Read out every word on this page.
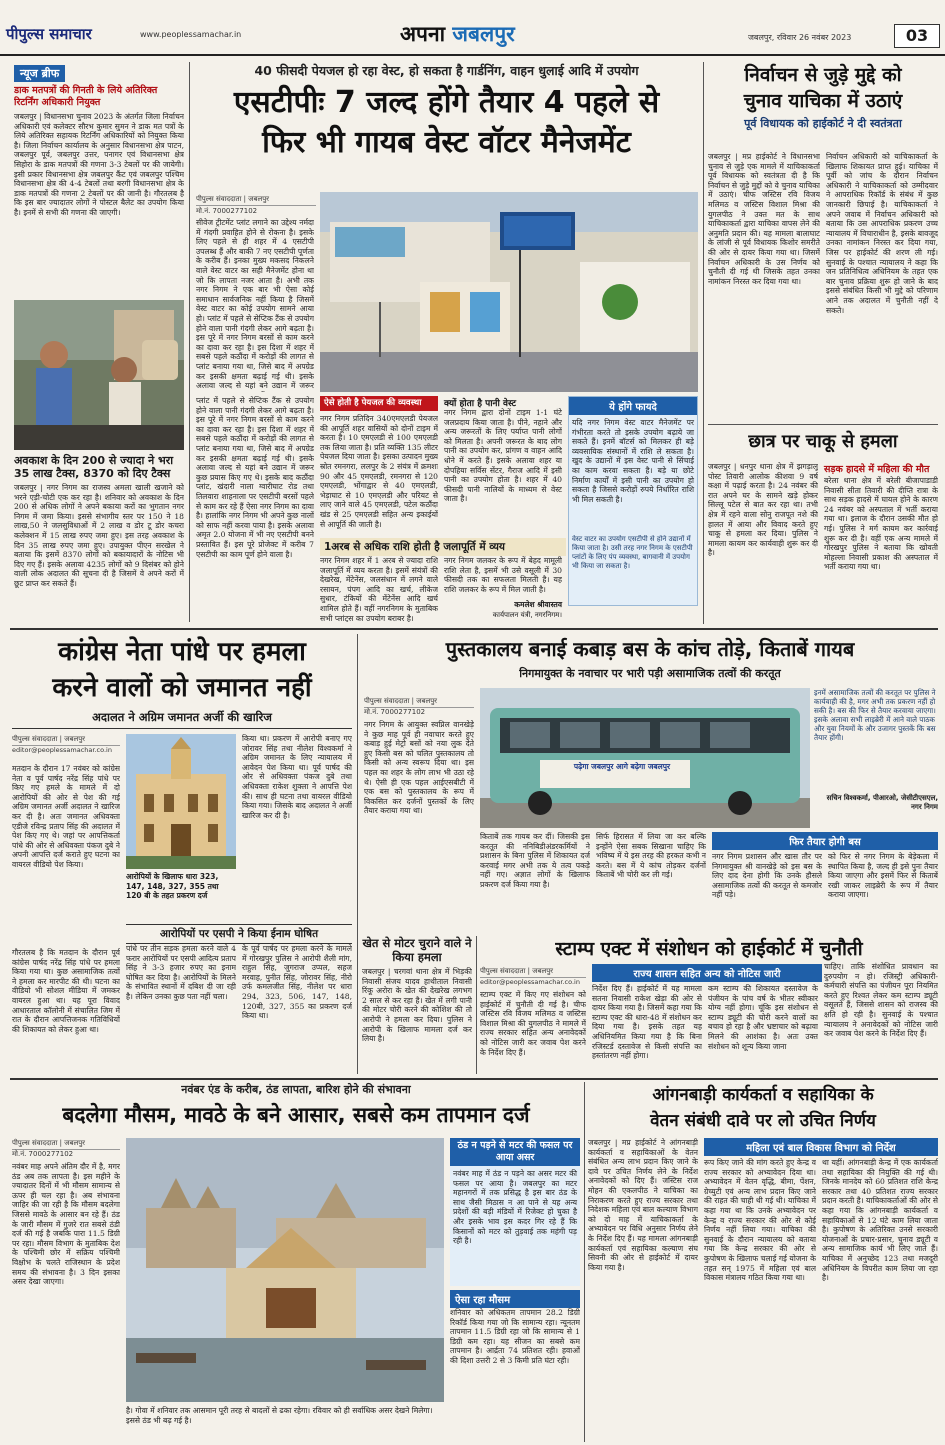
पीपुल्स समाचार	www.peoplessamachar.in	अपना जबलपुर	जबलपुर, रविवार 26 नवंबर 2023	03
न्यूज ब्रीफ
डाक मतपत्रों की गिनती के लिये अतिरिक्त रिटर्निंग अधिकारी नियुक्त
जबलपुर | विधानसभा चुनाव 2023 के अंतर्गत जिला निर्वाचन अधिकारी एवं कलेक्टर सौरभ कुमार सुमन ने डाक मत पत्रों के लिये अतिरिक्त सहायक रिटर्निंग अधिकारियों को नियुक्त किया है। जिला निर्वाचन कार्यालय के अनुसार विधानसभा क्षेत्र पाटन, जबलपुर पूर्व, जबलपुर उत्तर, पनागर एवं विधानसभा क्षेत्र सिहोरा के डाक मतपत्रों की गणना 3-3 टेबलों पर की जायेगी। इसी प्रकार विधानसभा क्षेत्र जबलपुर कैंट एवं जबलपुर पश्चिम विधानसभा क्षेत्र की 4-4 टेबलों तथा बरगी विधानसभा क्षेत्र के डाक मतपत्रों की गणना 2 टेबलों पर की जानी है। गौरतलब है कि इस बार ज्यादातर लोगों ने पोस्टल बैलेट का उपयोग किया है। इनमें से सभी की गणना की जाएगी।
अवकाश के दिन 200 से ज्यादा ने भरा 35 लाख टैक्स, 8370 को दिए टैक्स
जबलपुर | नगर निगम का राजस्व अमला खाली खजाने को भरने एड़ी-चोटी एक कर रहा है। शनिवार को अवकाश के दिन 200 से अधिक लोगों ने अपने बकाया करों का भुगतान नगर निगम में जमा किया। इससे संभागीय स्तर पर 150 ने 18 लाख,50 ने जलसुविधाओं में 2 लाख व डोर टू डोर कचरा कलेक्शन में 15 लाख रुपए जमा हुए। इस तरह अवकाश के दिन 35 लाख रुपए जमा हुए। उपायुक्त पीएन सरखेल ने बताया कि इसमें 8370 लोगों को बकायादारों के नोटिस भी दिए गए हैं। इसके अलावा 4235 लोगों को 9 दिसंबर को होने वाली लोक अदालत की सूचना दी है जिसमें वे अपने करों में छूट प्राप्त कर सकते हैं।
40 फीसदी पेयजल हो रहा वेस्ट, हो सकता है गार्डनिंग, वाहन धुलाई आदि में उपयोग
एसटीपीः 7 जल्द होंगे तैयार 4 पहले से
फिर भी गायब वेस्ट वॉटर मैनेजमेंट
पीपुल्स संवाददाता | जबलपुर
मो.नं. 7000277102
सीवेज ट्रीटमेंट प्लांट लगाने का उद्देश्य नर्मदा में गंदगी प्रवाहित होने से रोकना है। इसके लिए पहले से ही शहर में 4 एसटीपी उपलब्ध हैं और बाकी 7 नए एसटीपी पूर्णता के करीब हैं। इनका मुख्य मकसद निकलने वाले वेस्ट वाटर का सही मैनेजमेंट होना था जो कि लापता नजर आता है। अभी तक नगर निगम ने एक बार भी ऐसा कोई समाधान सार्वजनिक नहीं किया है जिसमें वेस्ट वाटर का कोई उपयोग सामने आया हो। प्लांट में पहले से सेप्टिक टैंक से उपयोग होने वाला पानी गंदगी लेकर आगे बढ़ता है। इस पूरे में नगर निगम बरसों से काम करने का दावा कर रहा है। इस दिशा में शहर में सबसे पहले कठौंदा में करोड़ों की लागत से प्लांट बनाया गया था, जिसे बाद में अपग्रेड कर इसकी क्षमता बढ़ाई गई थी। इसके अलावा जल्द से यहां बने उद्यान में जरूर
प्लांट में पहले से सेप्टिक टैंक से उपयोग होने वाला पानी गंदगी लेकर आगे बढ़ता है। इस पूरे में नगर निगम बरसों से काम करने का दावा कर रहा है। इस दिशा में शहर में सबसे पहले कठौंदा में करोड़ों की लागत से प्लांट बनाया गया था, जिसे बाद में अपग्रेड कर इसकी क्षमता बढ़ाई गई थी। इसके अलावा जल्द से यहां बने उद्यान में जरूर कुछ प्रयास किए गए थे। इसके बाद कठौंदा प्लांट, खंदारी नाला ग्वारीघाट रोड तथा तिलवारा शाहनाला पर एसटीपी बरसों पहले से काम कर रहे हैं ऐसा नगर निगम का दावा है। हालांकि नगर निगम भी अपने कुछ नालों को साफ नहीं करवा पाया है। इसके अलावा अमृत 2.0 योजना में भी नए एसटीपी बनने प्रस्तावित हैं। इस पूरे प्रोजेक्ट में करीब 7 एसटीपी का काम पूर्ण होने वाला है।
ऐसे होती है पेयजल की व्यवस्था
नगर निगम प्रतिदिन 340एमएलडी पेयजल की आपूर्ति शहर वासियों को दोनों टाइम में करता है। 10 एमएलडी से 100 एमएलडी तक लिया जाता है। प्रति व्यक्ति 135 लीटर पेयजल दिया जाता है। इसका उत्पादन मुख्य स्रोत रमनगरा, ललपुर के 2 संयंत्र में क्रमशः 90 और 45 एमएलडी, रमनगरा से 120 एमएलडी, भोंगाद्वार से 40 एमएलडी, भेड़ाघाट से 10 एमएलडी और परियट से लाए जाने वाले 45 एमएलडी, पटेल कठौंदा खंड से 25 एमएलडी सहित अन्य इकाईयों से आपूर्ति की जाती है।
क्यों होता है पानी वेस्ट
नगर निगम द्वारा दोनों टाइम 1-1 घंटे जलप्रदाय किया जाता है। पीने, नहाने और अन्य जरूरतों के लिए पर्याप्त पानी लोगों को मिलता है। अपनी जरूरत के बाद लोग पानी का उपयोग कर, प्रांगण व वाहन आदि धोने में करते हैं। इसके अलावा शहर या दोपहिया सर्विस सेंटर, गैराज आदि में इसी पानी का उपयोग होता है। शहर में 40 फीसदी पानी नालियों के माध्यम से वेस्ट जाता है।
ये होंगे फायदे
यदि नगर निगम वेस्ट वाटर मैनेजमेंट पर गंभीरता करते तो इसके उपयोग बढ़ाये जा सकते हैं। इनमें बॉटर्स को मिलकर ही बड़े व्यवसायिक संस्थानों में राशि ले सकता है। खुद के उद्यानों में इस वेस्ट पानी से सिंचाई का काम करवा सकता है। बड़े या छोटे निर्माण कार्यों में इसी पानी का उपयोग हो सकता है जिससे करोड़ों रुपये निर्धारित राशि भी मिल सकती है।
वेस्ट वाटर का उपयोग एसटीपी से होने उद्यानों में किया जाता है। उसी तरह नगर निगम के एसटीपी प्लांटों के लिए पंप व्यवस्था, बागवानी में उपयोग भी किया जा सकता है।
1अरब से अधिक राशि होती है जलापूर्ति में व्यय
नगर निगम शहर में 1 अरब से ज्यादा राशि जलापूर्ति में व्यय करता है। इसमें संयंत्रों की देखरेख, मेंटेनेंस, जलसंधान में लगने वाले रसायन, पंपग आदि का खर्च, लीकेज सुधार, टंकियों की मेंटेनेंस आदि खर्च शामिल होते हैं। वहीं नगरनिगम के मुताबिक सभी प्लांट्स का उपयोग बराबर है।
नगर निगम जलकर के रूप में बेहद मामूली राशि लेता है, इसमें भी उसे वसूली में 30 फीसदी तक का सफलता मिलती है। यह राशि जलकर के रूप में मिल जाती है।
कमलेश श्रीवास्तव
कार्यपालन यंत्री, नगरनिगम।
निर्वाचन से जुड़े मुद्दे को
चुनाव याचिका में उठाएं
पूर्व विधायक को हाईकोर्ट ने दी स्वतंत्रता
जबलपुर | मप्र हाईकोर्ट ने विधानसभा चुनाव से जुड़े एक मामले में याचिकाकर्ता पूर्व विधायक को स्वतंत्रता दी है कि निर्वाचन से जुड़े मुद्दों को वे चुनाव याचिका में उठाएं। चीफ जस्टिस रवि विजय मलिमठ व जस्टिस विशाल मिश्रा की युगलपीठ ने उक्त मत के साथ याचिकाकर्ता द्वारा याचिका वापस लेने की अनुमति प्रदान की। यह मामला बालाघाट के लांजी से पूर्व विधायक किशोर समरीते की ओर से दायर किया गया था। जिसमें निर्वाचन अधिकारी के उस निर्णय को चुनौती दी गई थी जिसके तहत उनका नामांकन निरस्त कर दिया गया था।
निर्वाचन अधिकारी को याचिकाकर्ता के खिलाफ शिकायत प्राप्त हुई। याचिका में पूर्वी को जांच के दौरान निर्वाचन अधिकारी ने याचिकाकर्ता को उम्मीदवार ने आपराधिक रिकॉर्ड के संबंध में कुछ जानकारी छिपाई है। याचिकाकर्ता ने अपने जवाब में निर्वाचन अधिकारी को बताया कि उस आपराधिक प्रकरण उच्च न्यायालय में विचाराधीन है, इसके बावजूद उनका नामांकन निरस्त कर दिया गया, जिस पर हाईकोर्ट की शरण ली गई। सुनवाई के पश्चात न्यायालय ने कहा कि जन प्रतिनिधित्व अधिनियम के तहत एक बार चुनाव प्रक्रिया शुरू हो जाने के बाद इससे संबंधित किसी भी मुद्दे को परिणाम आने तक अदालत में चुनौती नहीं दे सकते।
छात्र पर चाकू से हमला
जबलपुर | धनपुर थाना क्षेत्र में झगड़ालू पोस्ट तिवारी आलोक कीशवा 9 वर्ष कक्षा में पढ़ाई करता है। 24 नवंबर की रात अपने घर के सामने खड़े होकर सिल्लू पटेल से बात कर रहा था। तभी क्षेत्र में रहने वाला सोनु राजपूत नशे की हालत में आया और विवाद करते हुए चाकू से हमला कर दिया। पुलिस ने मामला कायम कर कार्यवाही शुरू कर दी है।
सड़क हादसे में महिला की मौत
बरेला थाना क्षेत्र में बरेली बीजापाडाडी निवासी सीता तिवारी की दीप्ति रात्रा के साथ सड़क हादसे में घायल होने के कारण 24 नवंबर को अस्पताल में भर्ती कराया गया था। इलाज के दौरान उसकी मौत हो गई। पुलिस ने मर्ग कायम कर कार्रवाई शुरू कर दी है। वहीं एक अन्य मामले में गोरखपुर पुलिस ने बताया कि खोवती मोहल्ला निवासी प्रकाश की अस्पताल में भर्ती कराया गया था।
कांग्रेस नेता पांधे पर हमला
करने वालों को जमानत नहीं
अदालत ने अग्रिम जमानत अर्जी की खारिज
पीपुल्स संवाददाता | जबलपुर
editor@peoplessamachar.co.in
मतदान के दौरान 17 नवंबर को कांग्रेस नेता व पूर्व पार्षद नरेंद्र सिंह पांधे पर किए गए हमले के मामले में दो आरोपियों की ओर से पेश की गई अग्रिम जमानत अर्जी अदालत ने खारिज कर दी है। अतः जमानत अधिवक्ता एडीजे रविन्द्र प्रताप सिंह की अदालत में पेश किए गए थे। जहां पर आपत्तिकर्ता पांधे की ओर से अधिवक्ता पंकज दुबे ने अपनी आपत्ति दर्ज कराते हुए घटना का वायरल वीडियो पेश किया।
आरोपियों के खिलाफ धारा 323, 147, 148, 327, 355 तथा 120 बी के तहत प्रकरण दर्ज
किया था। प्रकरण में आरोपी बनाए गए जोरावर सिंह तथा नीलेश विश्वकर्मा ने अग्रिम जमानत के लिए न्यायालय में आवेदन पेश किया था। पूर्व पार्षद की ओर से अधिवक्ता पंकज दुबे तथा अधिवक्ता राकेश शुक्ला ने आपत्ति पेश की। साथ ही घटना तथा वायरल वीडियो किया गया। जिसके बाद अदालत ने अर्जी खारिज कर दी है।
गौरतलब है कि मतदान के दौरान पूर्व कांग्रेस पार्षद नरेंद्र सिंह पांधे पर हमला किया गया था। कुछ असामाजिक तत्वों ने हमला कर मारपीट की थी। घटना का वीडियो भी सोशल मीडिया में जमकर वायरल हुआ था। यह पूरा विवाद आधारताल कॉलोनी में संचालित जिम में रात के दौरान आपत्तिजनक गतिविधियों की शिकायत को लेकर हुआ था।
आरोपियों पर एसपी ने किया ईनाम घोषित
पांधे पर तीन सड़क हमला करने वाले 4 फरार आरोपियों पर एसपी आदित्य प्रताप सिंह ने 3-3 हजार रुपए का इनाम घोषित कर दिया है। आरोपियों के मिलने के संभावित स्थानों में दबिश दी जा रही है। लेकिन उनका कुछ पता नहीं चला।
के पूर्व पार्षद पर हमला करने के मामले में गोरखपुर पुलिस ने आरोपी शैली मांग, राहुल सिंह, जुगराज उप्पल, सहज मरवाह, पुनीत सिंह, जोरावर सिंह, नीरो उर्फ कमलजीत सिंह, नीलेश पर धारा 294, 323, 506, 147, 148, 120बी, 327, 355 का प्रकरण दर्ज किया था।
पुस्तकालय बनाई कबाड़ बस के कांच तोड़े, किताबें गायब
निगमायुक्त के नवाचार पर भारी पड़ी असामाजिक तत्वों की करतूत
पीपुल्स संवाददाता | जबलपुर
मो.नं. 7000277102
नगर निगम के आयुक्त स्वप्निल वानखेड़े ने कुछ माह पूर्व ही नवाचार करते हुए कबाड़ हुई मेट्रो बसों को नया लुक देते हुए किसी बस को चलित पुस्तकालय तो किसी को अन्य स्वरूप दिया था। इस पहल का शहर के लोग लाभ भी उठा रहे थे। ऐसी ही एक पहल आईएसबीटी में एक बस को पुस्तकालय के रूप में विकसित कर दर्जनों पुस्तकों के लिए तैयार कराया गया था।
पढ़ेगा जबलपुर आगे बढ़ेगा जबलपुर
इनमें असामाजिक तत्वों की करतूत पर पुलिस ने कार्यवाही की है, मगर अभी तक प्रकरण नहीं हो सकी है। बस की फिर से तैयार करवाया जाएगा। इसके अलावा सभी लाइब्रेरी में आने वाले पाठक और युवा नियमों के और उजागर पुस्तकें कि बस तैयार होंगी।
सचिन विश्वकर्मा, पीआरओ, जेसीटीएसएल, नगर निगम
किताबें तक गायब कर दीं। जिसकी इस करतूत की ननिबिडीअंडरकर्मियों ने प्रशासन के बिना पुलिस में शिकायत दर्ज करवाई मगर अभी तक ये तत्व पकड़े नहीं गए। अज्ञात लोगों के खिलाफ प्रकरण दर्ज किया गया है।
सिर्फ हिरासत में लिया जा कर बल्कि इन्होंने ऐसा सबक सिखाना चाहिए कि भविष्य में ये इस तरह की हरकत कभी न करते। बस में ये कांच तोड़कर दर्जनों किताबें भी चोरी कर ली गई।
फिर तैयार होगी बस
नगर निगम प्रशासन और खास तौर पर निगमायुक्त श्री वानखेड़े को इस बस के लिए दाद देना होगी कि उनके हौसले असामाजिक तत्वों की करतूत से कमजोर नहीं पड़े।
को फिर से नगर निगम के बेड़ेकला में स्थापित किया है, जल्द ही इसे पुनः तैयार किया जाएगा और इसमें फिर से किताबें रखी जाकर लाइब्रेरी के रूप में तैयार कराया जाएगा।
खेत से मोटर चुराने वाले ने किया हमला
जबलपुर | चरगवां थाना क्षेत्र में भिड़की निवासी संजय यादव हाथीताल निवासी रिंकू अरोरा के खेत की देखरेख लगभग 2 साल से कर रहा है। खेत में लगी पानी की मोटर चोरी करने की कोशिश की तो आरोपी ने हमला कर दिया। पुलिस ने आरोपी के खिलाफ मामला दर्ज कर लिया है।
स्टाम्प एक्ट में संशोधन को हाईकोर्ट में चुनौती
राज्य शासन सहित अन्य को नोटिस जारी
पीपुल्स संवाददाता | जबलपुर
editor@peoplessamachar.co.in
स्टाम्प एक्ट में किए गए संशोधन को हाईकोर्ट में चुनौती दी गई है। चीफ जस्टिस रवि विजय मलिमठ व जस्टिस विशाल मिश्रा की युगलपीठ ने मामले में राज्य सरकार सहित अन्य अनावेदकों को नोटिस जारी कर जवाब पेश करने के निर्देश दिए हैं।
निर्देश दिए हैं। हाईकोर्ट में यह मामला सतना निवासी राकेश खेड़ा की ओर से दायर किया गया है। जिसमें कहा गया कि स्टाम्प एक्ट की धारा-48 में संशोधन कर दिया गया है। इसके तहत यह अधिनियमित किया गया है कि बिना रजिस्टर्ड दस्तावेज से किसी संपत्ति का हस्तांतरण नहीं होगा।
कम स्टाम्प की शिकायत दस्तावेज के पंजीयन के पांच वर्ष के भीतर स्वीकार योग्य नहीं होगा। चूंकि इस संशोधन से स्टाम्प ड्यूटी की चोरी करने वालों का बचाव हो रहा है और भ्रष्टाचार को बढ़ावा मिलने की आशंका है। अतः उक्त संशोधन को शून्य किया जाना
चाहिए। ताकि संशोधित प्रावधान का दुरुपयोग न हो। रजिस्ट्री अधिकारी-कर्मचारी संपत्ति का पंजीयन पूरा नियमित करते हुए रिश्वत लेकर कम स्टाम्प ड्यूटी वसूलते हैं, जिससे शासन को राजस्व की क्षति हो रही है। सुनवाई के पश्चात न्यायालय ने अनावेदकों को नोटिस जारी कर जवाब पेश करने के निर्देश दिए हैं।
नवंबर एंड के करीब, ठंड लापता, बारिश होने की संभावना
बदलेगा मौसम, मावठे के बने आसार, सबसे कम तापमान दर्ज
पीपुल्स संवाददाता | जबलपुर
मो.नं. 7000277102
नवंबर माह अपने अंतिम दौर में है, मगर ठंड अब तक लापता है। इस महीने के ज्यादातर दिनों में भी मौसम सामान्य से ऊपर ही चल रहा है। अब संभावना जाहिर की जा रही है कि मौसम बदलेगा जिससे मावठे के आसार बन रहे हैं। ठंड के जारी मौसम में गुजरे रात सबसे ठंडी दर्ज की गई है जबकि पारा 11.5 डिग्री पर रहा। मौसम विभाग के मुताबिक देश के पश्चिमी छोर में सक्रिय पश्चिमी विक्षोभ के चलते राजिस्थान के प्रदेश समय की संभावना है। 3 दिन इसका असर देखा जाएगा।
है। गोवा में शनिवार तक आसमान पूरी तरह से बादलों से ढका रहेगा। रविवार को ही सर्वाधिक असर देखने मिलेगा। इससे ठंड भी बढ़ गई है।
ठंड न पड़ने से मटर की फसल पर आया असर
नवंबर माह में ठंड न पड़ने का असर मटर की फसल पर आया है। जबलपुर का मटर महानगरों में तक प्रसिद्ध है इस बार ठंड के साथ जैसी मिठास न आ पाने से यह अन्य प्रदेशों की बड़ी मंडियों में रिजेक्ट हो चुका है और इसके भाव इस कदर गिर रहे हैं कि किसानों को मटर को तुड़वाई तक महंगी पड़ रही है।
ऐसा रहा मौसम
शनिवार को अधिकतम तापमान 28.2 डिग्री रिकॉर्ड किया गया जो कि सामान्य रहा। न्यूनतम तापमान 11.5 डिग्री रहा जो कि सामान्य से 1 डिग्री कम रहा। यह सीजन का सबसे कम तापमान है। आर्द्रता 74 प्रतिशत रही। हवाओं की दिशा उत्तरी 2 से 3 किमी प्रति घंटा रही।
आंगनबाड़ी कार्यकर्ता व सहायिका के
वेतन संबंधी दावे पर लो उचित निर्णय
महिला एवं बाल विकास विभाग को निर्देश
जबलपुर | मप्र हाईकोर्ट ने आंगनबाड़ी कार्यकर्ता व सहायिकाओं के वेतन संबंधित अन्य लाभ प्रदान किए जाने के दावे पर उचित निर्णय लेने के निर्देश अनावेदकों को दिए हैं। जस्टिस राज मोहन की एकलपीठ ने याचिका का निराकरण करते हुए राज्य सरकार तथा निदेशक महिला एवं बाल कल्याण विभाग को दो माह में याचिकाकर्ता के अभ्यावेदन पर विधि अनुसार निर्णय लेने के निर्देश दिए हैं। यह मामला आंगनबाड़ी कार्यकर्ता एवं सहायिका कल्याण संघ सिवनी की ओर से हाईकोर्ट में दायर किया गया है।
रूप किए जाने की मांग करते हुए केन्द्र व राज्य सरकार को अभ्यावेदन दिया था। अभ्यावेदन में वेतन वृद्धि, बीमा, पेंशन, ग्रेच्युटी एवं अन्य लाभ प्रदान किए जाने की राहत की चाही थी गई थी। याचिका में कहा गया था कि उनके अभ्यावेदन पर केन्द्र व राज्य सरकार की ओर से कोई निर्णय नहीं लिया गया। याचिका की सुनवाई के दौरान न्यायालय को बताया गया कि केन्द्र सरकार की ओर से कुपोषण के खिलाफ चलाई गई योजना के तहत सन् 1975 में महिला एवं बाल विकास मंत्रालय गठित किया गया था।
था यहीं। आंगनबाड़ी केन्द्र में एक कार्यकर्ता तथा सहायिका की नियुक्ति की गई थी। जिनके मानदेय को 60 प्रतिशत राशि केन्द्र सरकार तथा 40 प्रतिशत राज्य सरकार प्रदान करती है। याचिकाकर्ताओं की ओर से कहा गया कि आंगनबाड़ी कार्यकर्ता व सहायिकाओं से 12 घंटे काम लिया जाता है। कुपोषण के अतिरिक्त उनसे सरकारी योजनाओं के प्रचार-प्रसार, चुनाव ड्यूटी व अन्य सामाजिक कार्य भी लिए जाते हैं। याचिका में अनुच्छेद 123 तथा मजदूरी अधिनियम के विपरीत काम लिया जा रहा है।
